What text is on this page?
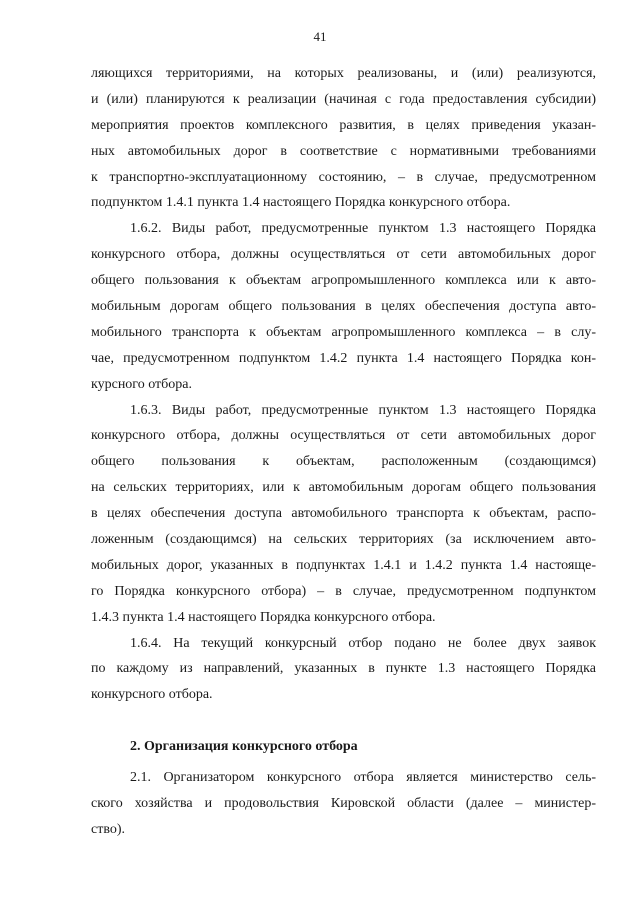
41
ляющихся территориями, на которых реализованы, и (или) реализуются,
и (или) планируются к реализации (начиная с года предоставления субсидии)
мероприятия проектов комплексного развития, в целях приведения указан-
ных автомобильных дорог в соответствие с нормативными требованиями
к транспортно-эксплуатационному состоянию, – в случае, предусмотренном
подпунктом 1.4.1 пункта 1.4 настоящего Порядка конкурсного отбора.
1.6.2. Виды работ, предусмотренные пунктом 1.3 настоящего Порядка
конкурсного отбора, должны осуществляться от сети автомобильных дорог
общего пользования к объектам агропромышленного комплекса или к авто-
мобильным дорогам общего пользования в целях обеспечения доступа авто-
мобильного транспорта к объектам агропромышленного комплекса – в слу-
чае, предусмотренном подпунктом 1.4.2 пункта 1.4 настоящего Порядка кон-
курсного отбора.
1.6.3. Виды работ, предусмотренные пунктом 1.3 настоящего Порядка
конкурсного отбора, должны осуществляться от сети автомобильных дорог
общего пользования к объектам, расположенным (создающимся)
на сельских территориях, или к автомобильным дорогам общего пользования
в целях обеспечения доступа автомобильного транспорта к объектам, распо-
ложенным (создающимся) на сельских территориях (за исключением авто-
мобильных дорог, указанных в подпунктах 1.4.1 и 1.4.2 пункта 1.4 настояще-
го Порядка конкурсного отбора) – в случае, предусмотренном подпунктом
1.4.3 пункта 1.4 настоящего Порядка конкурсного отбора.
1.6.4. На текущий конкурсный отбор подано не более двух заявок
по каждому из направлений, указанных в пункте 1.3 настоящего Порядка
конкурсного отбора.
2. Организация конкурсного отбора
2.1. Организатором конкурсного отбора является министерство сель-
ского хозяйства и продовольствия Кировской области (далее – министер-
ство).
